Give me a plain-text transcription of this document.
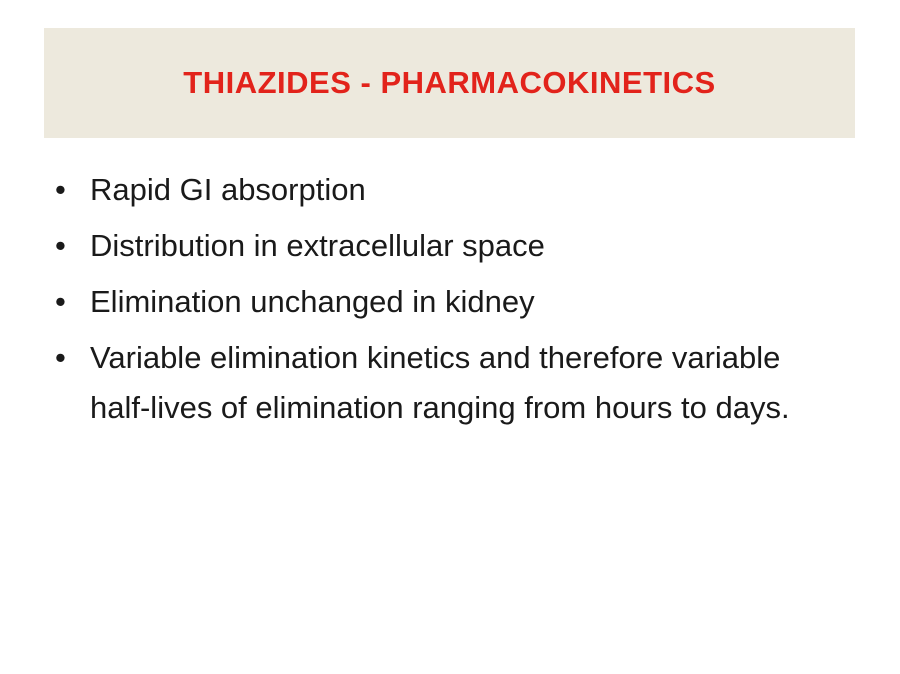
THIAZIDES - PHARMACOKINETICS
• Rapid GI absorption
• Distribution in extracellular space
• Elimination unchanged in kidney
• Variable elimination kinetics and therefore variable half-lives of elimination ranging from hours to days.
